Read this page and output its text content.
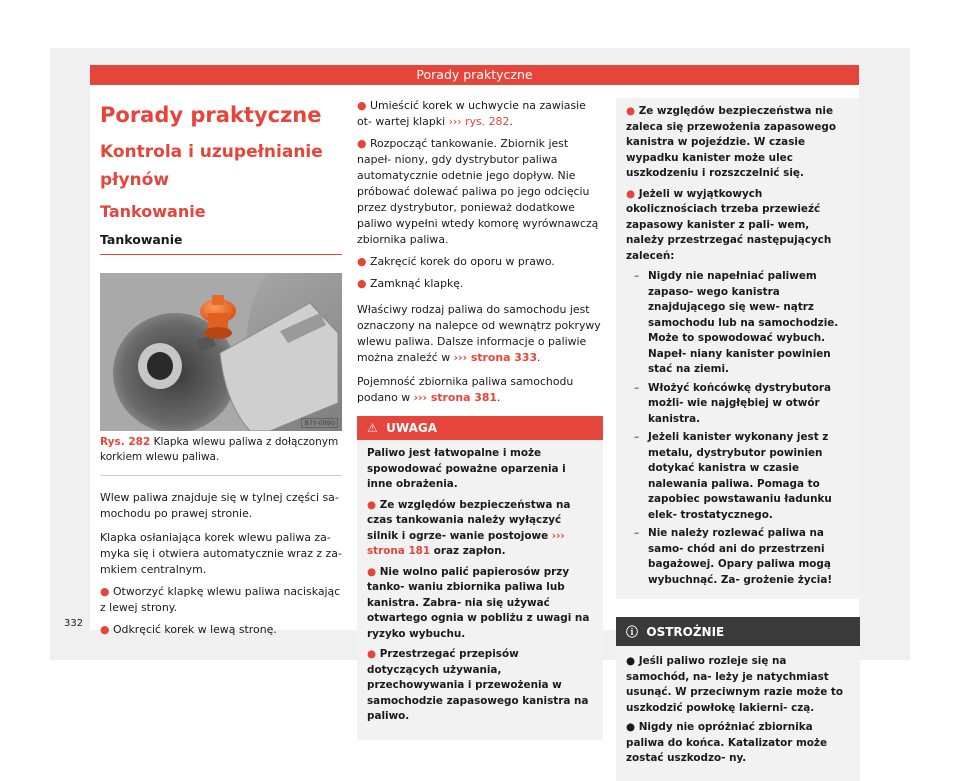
Porady praktyczne
332
Porady praktyczne
Kontrola i uzupełnianie płynów
Tankowanie
Tankowanie
B7Y-0990
Rys. 282 Klapka wlewu paliwa z dołączonym korkiem wlewu paliwa.
Wlew paliwa znajduje się w tylnej części sa- mochodu po prawej stronie.
Klapka osłaniająca korek wlewu paliwa za- myka się i otwiera automatycznie wraz z za- mkiem centralnym.
● Otworzyć klapkę wlewu paliwa naciskając z lewej strony.
● Odkręcić korek w lewą stronę.
● Umieścić korek w uchwycie na zawiasie ot- wartej klapki ››› rys. 282.
● Rozpocząć tankowanie. Zbiornik jest napeł- niony, gdy dystrybutor paliwa automatycznie odetnie jego dopływ. Nie próbować dolewać paliwa po jego odcięciu przez dystrybutor, ponieważ dodatkowe paliwo wypełni wtedy komorę wyrównawczą zbiornika paliwa.
● Zakręcić korek do oporu w prawo.
● Zamknąć klapkę.
Właściwy rodzaj paliwa do samochodu jest oznaczony na nalepce od wewnątrz pokrywy wlewu paliwa. Dalsze informacje o paliwie można znaleźć w ››› strona 333.
Pojemność zbiornika paliwa samochodu podano w ››› strona 381.
⚠ UWAGA
Paliwo jest łatwopalne i może spowodować poważne oparzenia i inne obrażenia.
● Ze względów bezpieczeństwa na czas tankowania należy wyłączyć silnik i ogrze- wanie postojowe ››› strona 181 oraz zapłon.
● Nie wolno palić papierosów przy tanko- waniu zbiornika paliwa lub kanistra. Zabra- nia się używać otwartego ognia w pobliżu z uwagi na ryzyko wybuchu.
● Przestrzegać przepisów dotyczących używania, przechowywania i przewożenia w samochodzie zapasowego kanistra na paliwo.
● Ze względów bezpieczeństwa nie zaleca się przewożenia zapasowego kanistra w pojeździe. W czasie wypadku kanister może ulec uszkodzeniu i rozszczelnić się.
● Jeżeli w wyjątkowych okolicznościach trzeba przewieźć zapasowy kanister z pali- wem, należy przestrzegać następujących zaleceń:
– Nigdy nie napełniać paliwem zapaso- wego kanistra znajdującego się wew- nątrz samochodu lub na samochodzie. Może to spowodować wybuch. Napeł- niany kanister powinien stać na ziemi.
– Włożyć końcówkę dystrybutora możli- wie najgłębiej w otwór kanistra.
– Jeżeli kanister wykonany jest z metalu, dystrybutor powinien dotykać kanistra w czasie nalewania paliwa. Pomaga to zapobiec powstawaniu ładunku elek- trostatycznego.
– Nie należy rozlewać paliwa na samo- chód ani do przestrzeni bagażowej. Opary paliwa mogą wybuchnąć. Za- grożenie życia!
ⓘ OSTROŻNIE
● Jeśli paliwo rozleje się na samochód, na- leży je natychmiast usunąć. W przeciwnym razie może to uszkodzić powłokę lakierni- czą.
● Nigdy nie opróżniać zbiornika paliwa do końca. Katalizator może zostać uszkodzo- ny.
